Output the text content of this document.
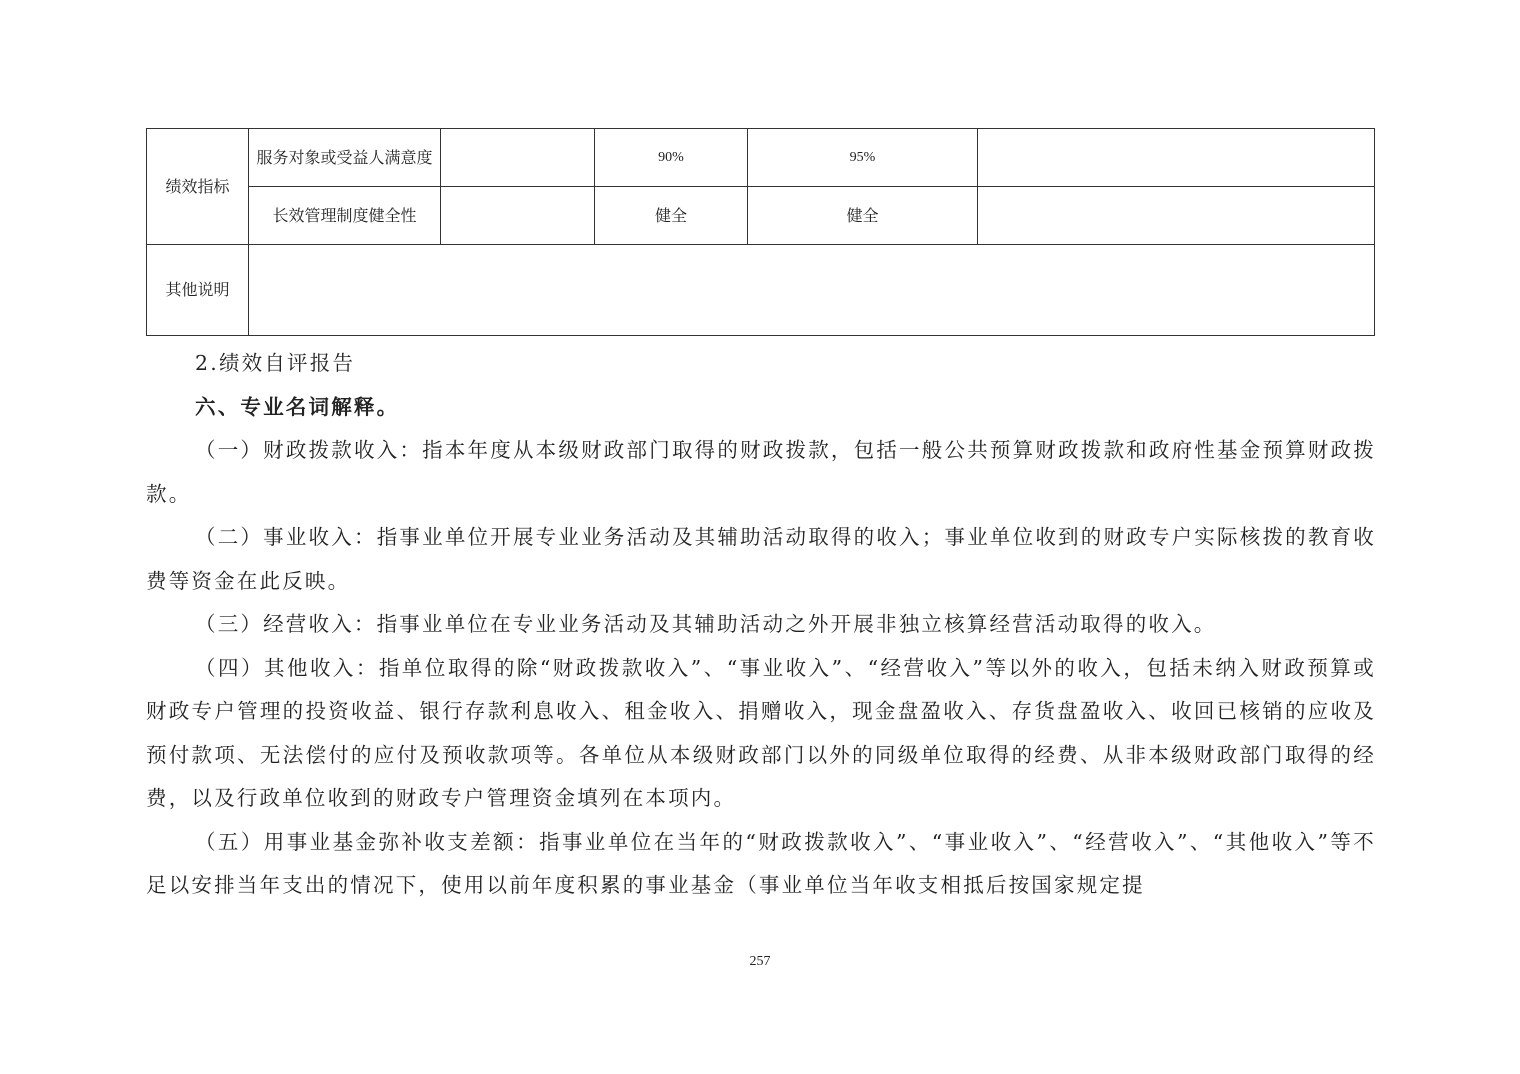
绩效指标	服务对象或受益人满意度		90%	95%	
	长效管理制度健全性		健全	健全	
其他说明					

2.绩效自评报告

六、专业名词解释。

（一）财政拨款收入：指本年度从本级财政部门取得的财政拨款，包括一般公共预算财政拨款和政府性基金预算财政拨款。

（二）事业收入：指事业单位开展专业业务活动及其辅助活动取得的收入；事业单位收到的财政专户实际核拨的教育收费等资金在此反映。

（三）经营收入：指事业单位在专业业务活动及其辅助活动之外开展非独立核算经营活动取得的收入。

（四）其他收入：指单位取得的除“财政拨款收入”、“事业收入”、“经营收入”等以外的收入，包括未纳入财政预算或财政专户管理的投资收益、银行存款利息收入、租金收入、捐赠收入，现金盘盈收入、存货盘盈收入、收回已核销的应收及预付款项、无法偿付的应付及预收款项等。各单位从本级财政部门以外的同级单位取得的经费、从非本级财政部门取得的经费，以及行政单位收到的财政专户管理资金填列在本项内。

（五）用事业基金弥补收支差额：指事业单位在当年的“财政拨款收入”、“事业收入”、“经营收入”、“其他收入”等不足以安排当年支出的情况下，使用以前年度积累的事业基金（事业单位当年收支相抵后按国家规定提

257
